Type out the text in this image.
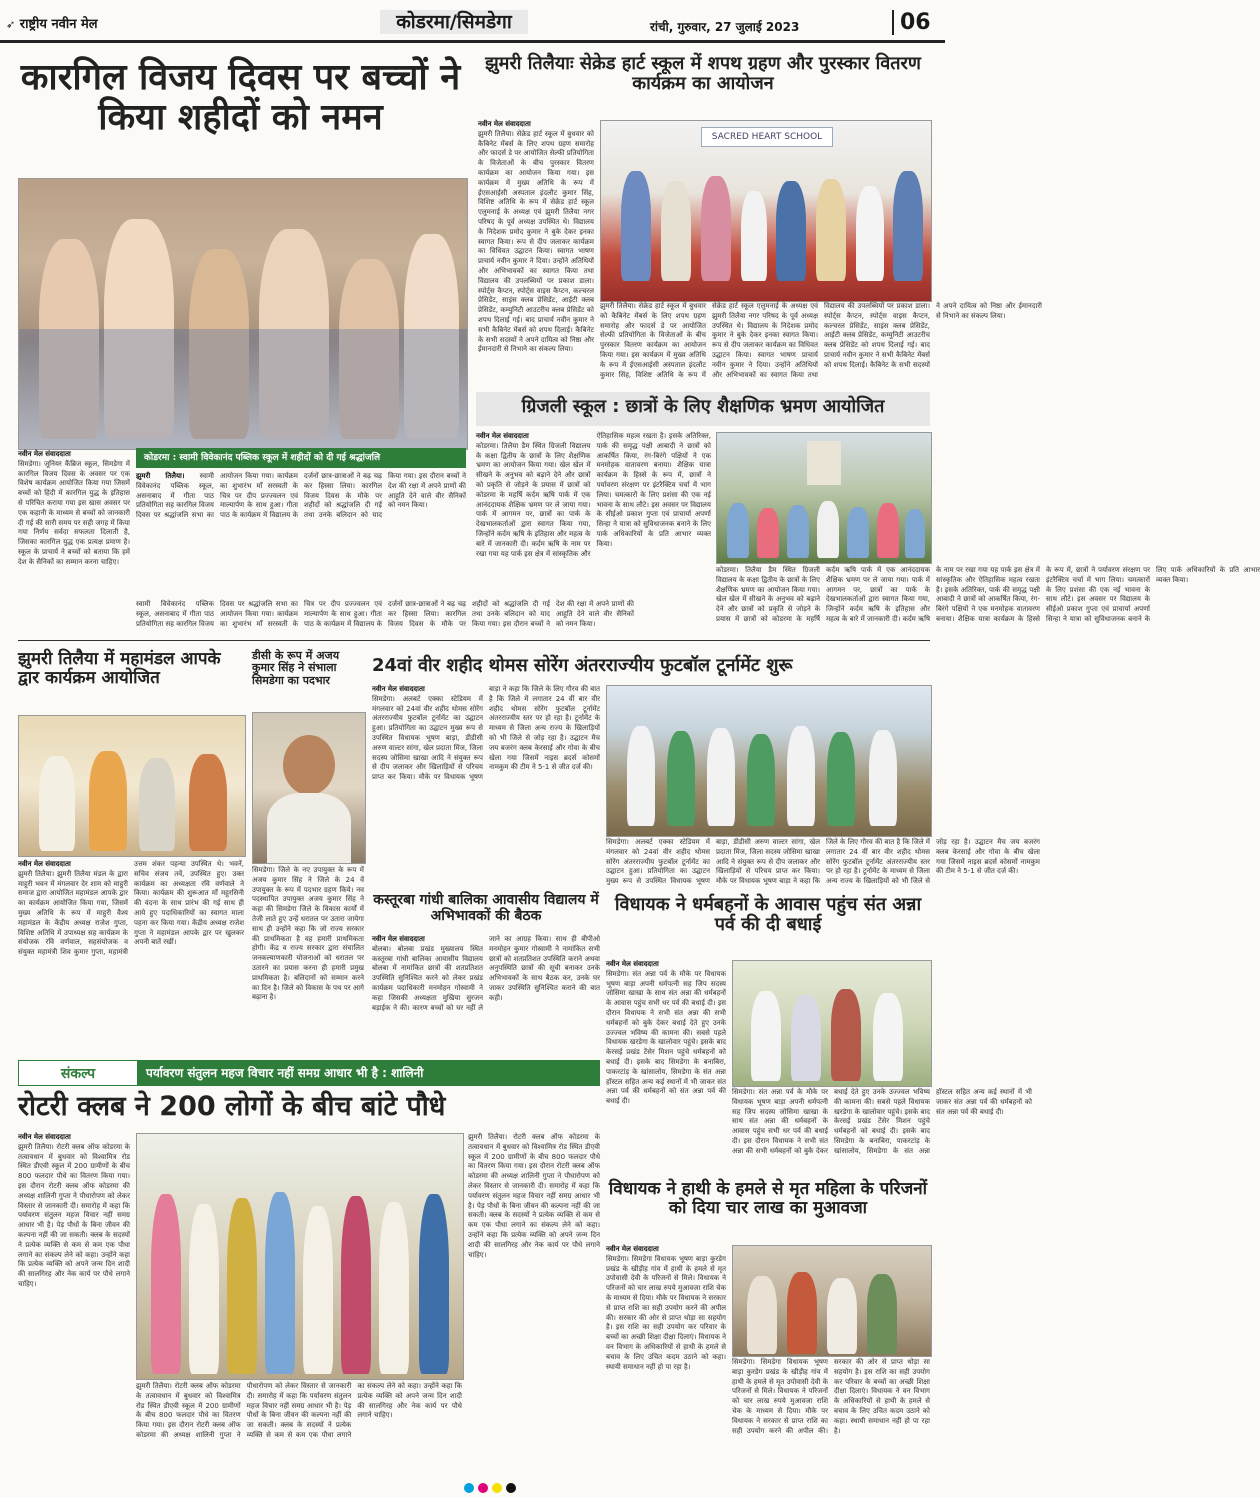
➶ राष्ट्रीय नवीन मेल	कोडरमा/सिमडेगा	रांची, गुरुवार, 27 जुलाई 2023	06
कारगिल विजय दिवस पर बच्चों ने किया शहीदों को नमन
नवीन मेल संवाददाता
सिमडेगा। जूनियर कैंब्रिज स्कूल, सिमडेगा में कारगिल विजय दिवस के अवसर पर एक विशेष कार्यक्रम आयोजित किया गया जिसमें बच्चों को हिंदी में कारगिल युद्ध के इतिहास से परिचित कराया गया इस खास अवसर पर एक कहानी के माध्यम से बच्चों को जानकारी दी गई की सारी समय पर सही जगह में किया गया निर्णय सर्वदा सफलता दिलाती है, जिसका कारगिल युद्ध एक प्रत्यक्ष प्रमाण है। स्कूल के प्राचार्य ने बच्चों को बताया कि हमें देश के सैनिकों का सम्मान करना चाहिए।
कोडरमा : स्वामी विवेकानंद पब्लिक स्कूल में शहीदों को दी गई श्रद्धांजलि
झुमरी तिलैया। स्वामी विवेकानंद पब्लिक स्कूल, असनाबाद में गीता पाठ प्रतियोगिता सह कारगिल विजय दिवस पर श्रद्धांजलि सभा का आयोजन किया गया। कार्यक्रम का शुभारंभ माँ सरस्वती के चित्र पर दीप प्रज्ज्वलन एवं माल्यार्पण के साथ हुआ। गीता पाठ के कार्यक्रम में विद्यालय के दर्जनों छात्र-छात्राओं ने बढ़ चढ़ कर हिस्सा लिया। कारगिल विजय दिवस के मौके पर शहीदों को श्रद्धांजलि दी गई तथा उनके बलिदान को याद किया गया। इस दौरान बच्चों ने देश की रक्षा में अपने प्राणों की आहुति देने वाले वीर सैनिकों को नमन किया।
झुमरी तिलैयाः सेक्रेड हार्ट स्कूल में शपथ ग्रहण और पुरस्कार वितरण कार्यक्रम का आयोजन
नवीन मेल संवाददाता
झुमरी तिलैया। सेक्रेड हार्ट स्कूल में बुधवार को कैबिनेट मेंबर्स के लिए शपथ ग्रहण समारोह और फादर्स डे पर आयोजित सेल्फी प्रतियोगिता के विजेताओं के बीच पुरस्कार वितरण कार्यक्रम का आयोजन किया गया। इस कार्यक्रम में मुख्य अतिथि के रूप में ईएसआईसी अस्पताल इंदलौट कुमार सिंह, विशिष्ट अतिथि के रूप में सेक्रेड हार्ट स्कूल एलुमनाई के अध्यक्ष एवं झुमरी तिलैया नगर परिषद के पूर्व अध्यक्ष उपस्थित थे। विद्यालय के निदेशक प्रमोद कुमार ने बुके देकर इनका स्वागत किया। रूप से दीप जलाकर कार्यक्रम का विधिवत उद्घाटन किया। स्वागत भाषण प्राचार्य नवीन कुमार ने दिया। उन्होंने अतिथियों और अभिभावकों का स्वागत किया तथा विद्यालय की उपलब्धियों पर प्रकाश डाला। स्पोर्ट्स कैप्टन, स्पोर्ट्स वाइस कैप्टन, कल्चरल प्रेसिडेंट, साइंस क्लब प्रेसिडेंट, आईटी क्लब प्रेसिडेंट, कम्युनिटी आउटरीच क्लब प्रेसिडेंट को शपथ दिलाई गई। बाद प्राचार्य नवीन कुमार ने सभी कैबिनेट मेंबर्स को शपथ दिलाई। कैबिनेट के सभी सदस्यों ने अपने दायित्व को निष्ठा और ईमानदारी से निभाने का संकल्प लिया।
SACRED HEART SCHOOL
झुमरी तिलैया। सेक्रेड हार्ट स्कूल में बुधवार को कैबिनेट मेंबर्स के लिए शपथ ग्रहण समारोह और फादर्स डे पर आयोजित सेल्फी प्रतियोगिता के विजेताओं के बीच पुरस्कार वितरण कार्यक्रम का आयोजन किया गया। इस कार्यक्रम में मुख्य अतिथि के रूप में ईएसआईसी अस्पताल इंदलौट कुमार सिंह, विशिष्ट अतिथि के रूप में सेक्रेड हार्ट स्कूल एलुमनाई के अध्यक्ष एवं झुमरी तिलैया नगर परिषद के पूर्व अध्यक्ष उपस्थित थे। विद्यालय के निदेशक प्रमोद कुमार ने बुके देकर इनका स्वागत किया। रूप से दीप जलाकर कार्यक्रम का विधिवत उद्घाटन किया। स्वागत भाषण प्राचार्य नवीन कुमार ने दिया। उन्होंने अतिथियों और अभिभावकों का स्वागत किया तथा विद्यालय की उपलब्धियों पर प्रकाश डाला। स्पोर्ट्स कैप्टन, स्पोर्ट्स वाइस कैप्टन, कल्चरल प्रेसिडेंट, साइंस क्लब प्रेसिडेंट, आईटी क्लब प्रेसिडेंट, कम्युनिटी आउटरीच क्लब प्रेसिडेंट को शपथ दिलाई गई। बाद प्राचार्य नवीन कुमार ने सभी कैबिनेट मेंबर्स को शपथ दिलाई। कैबिनेट के सभी सदस्यों ने अपने दायित्व को निष्ठा और ईमानदारी से निभाने का संकल्प लिया।
ग्रिजली स्कूल : छात्रों के लिए शैक्षणिक भ्रमण आयोजित
नवीन मेल संवाददाता
कोडरमा। तिलैया डैम स्थित ग्रिजली विद्यालय के कक्षा द्वितीय के छात्रों के लिए शैक्षणिक भ्रमण का आयोजन किया गया। खेल खेल में सीखने के अनुभव को बढ़ाने देने और छात्रों को प्रकृति से जोड़ने के प्रयास में छात्रों को कोडरमा के महर्षि कर्दम ऋषि पार्क में एक आनंददायक शैक्षिक भ्रमण पर ले जाया गया। पार्क में आगमन पर, छात्रों का पार्क के देखभालकर्ताओं द्वारा स्वागत किया गया, जिन्होंने कर्दम ऋषि के इतिहास और महत्व के बारे में जानकारी दी। कर्दम ऋषि के नाम पर रखा गया यह पार्क इस क्षेत्र में सांस्कृतिक और ऐतिहासिक महत्व रखता है। इसके अतिरिक्त, पार्क की समृद्ध पक्षी आबादी ने छात्रों को आकर्षित किया, रंग-बिरंगे पक्षियों ने एक मनमोहक वातावरण बनाया। शैक्षिक यात्रा कार्यक्रम के हिस्से के रूप में, छात्रों ने पर्यावरण संरक्षण पर इंटरैक्टिव चर्चा में भाग लिया। चमत्कारों के लिए प्रशंसा की एक नई भावना के साथ लौटे। इस अवसर पर विद्यालय के सीईओ प्रकाश गुप्ता एवं प्राचार्या अपर्णा सिन्हा ने यात्रा को सुविधाजनक बनाने के लिए पार्क अधिकारियों के प्रति आभार व्यक्त किया।
कोडरमा। तिलैया डैम स्थित ग्रिजली विद्यालय के कक्षा द्वितीय के छात्रों के लिए शैक्षणिक भ्रमण का आयोजन किया गया। खेल खेल में सीखने के अनुभव को बढ़ाने देने और छात्रों को प्रकृति से जोड़ने के प्रयास में छात्रों को कोडरमा के महर्षि कर्दम ऋषि पार्क में एक आनंददायक शैक्षिक भ्रमण पर ले जाया गया। पार्क में आगमन पर, छात्रों का पार्क के देखभालकर्ताओं द्वारा स्वागत किया गया, जिन्होंने कर्दम ऋषि के इतिहास और महत्व के बारे में जानकारी दी। कर्दम ऋषि के नाम पर रखा गया यह पार्क इस क्षेत्र में सांस्कृतिक और ऐतिहासिक महत्व रखता है। इसके अतिरिक्त, पार्क की समृद्ध पक्षी आबादी ने छात्रों को आकर्षित किया, रंग-बिरंगे पक्षियों ने एक मनमोहक वातावरण बनाया। शैक्षिक यात्रा कार्यक्रम के हिस्से के रूप में, छात्रों ने पर्यावरण संरक्षण पर इंटरैक्टिव चर्चा में भाग लिया। चमत्कारों के लिए प्रशंसा की एक नई भावना के साथ लौटे। इस अवसर पर विद्यालय के सीईओ प्रकाश गुप्ता एवं प्राचार्या अपर्णा सिन्हा ने यात्रा को सुविधाजनक बनाने के लिए पार्क अधिकारियों के प्रति आभार व्यक्त किया।
झुमरी तिलैया में महामंडल आपके द्वार कार्यक्रम आयोजित
नवीन मेल संवाददाता
झुमरी तिलैया। झुमरी तिलैया मंडल के द्वारा माहुरी भवन में मंगलवार देर शाम को माहुरी समाज द्वारा आयोजित महामंडल आपके द्वार का कार्यक्रम आयोजित किया गया, जिसमें मुख्य अतिथि के रूप में माहुरी वैश्य महामंडल के केंद्रीय अध्यक्ष राजेश गुप्ता, विशिष्ट अतिथि में उपाध्यक्ष सह कार्यक्रम के संयोजक रवि वर्णवाल, सहसंयोजक व संयुक्त महामंत्री शिव कुमार गुप्ता, महामंत्री उत्तम शंकर पहन्या उपस्थित थे। भवनें, सचिव संजय तवें, उपस्थित हुए। उक्त कार्यक्रम का अध्यक्षता रवि वर्णवाले ने किया। कार्यक्रम की शुरूआत माँ महुरसिनी की वंदना के साथ प्रारंभ की गई साथ ही आये हुए पदाधिकारियों का स्वागत माला पहना कर किया गया। केंद्रीय अध्यक्ष राजेश गुप्ता ने महामंडल आपके द्वार पर खुलकर अपनी बातें रखीं।
डीसी के रूप में अजय कुमार सिंह ने संभाला सिमडेगा का पदभार
सिमडेगा। जिले के नए उपायुक्त के रूप में अजय कुमार सिंह ने जिले के 24 वें उपायुक्त के रूप में पदभार ग्रहण किये। नव पदस्थापित उपायुक्त अजय कुमार सिंह ने कहा की सिमडेगा जिले के विकास कार्यों में तेजी लाते हुए उन्हें धरातल पर उतारा जायेगा साथ ही उन्होंने कहा कि जो राज्य सरकार की प्राथमिकता है वह हमारी प्राथमिकता होगी। केंद्र व राज्य सरकार द्वारा संचालित जनकल्याणकारी योजनाओं को धरातल पर उतारने का प्रयास करना ही हमारी प्रमुख प्राथमिकता है। बलिदानों को सम्मान करने का दिन है। जिले को विकास के पथ पर आगे बढ़ाना है।
स्वामी विवेकानंद पब्लिक स्कूल, असनाबाद में गीता पाठ प्रतियोगिता सह कारगिल विजय दिवस पर श्रद्धांजलि सभा का आयोजन किया गया। कार्यक्रम का शुभारंभ माँ सरस्वती के चित्र पर दीप प्रज्ज्वलन एवं माल्यार्पण के साथ हुआ। गीता पाठ के कार्यक्रम में विद्यालय के दर्जनों छात्र-छात्राओं ने बढ़ चढ़ कर हिस्सा लिया। कारगिल विजय दिवस के मौके पर शहीदों को श्रद्धांजलि दी गई तथा उनके बलिदान को याद किया गया। इस दौरान बच्चों ने देश की रक्षा में अपने प्राणों की आहुति देने वाले वीर सैनिकों को नमन किया।
24वां वीर शहीद थोमस सोरेंग अंतरराज्यीय फुटबॉल टूर्नामेंट शुरू
नवीन मेल संवाददाता
सिमडेगा। अलबर्ट एक्का स्टेडियम में मंगलवार को 24वां वीर शहीद थोमस सोरेंग अंतरराज्यीय फुटबॉल टूर्नामेंट का उद्घाटन हुआ। प्रतियोगिता का उद्घाटन मुख्य रूप से उपस्थित विधायक भूषण बाड़ा, डीडीसी अरुण वाल्टर सांगा, खेल प्रदाता मिंज, जिला सदस्य जोसिमा खाखा आदि ने संयुक्त रूप से दीप जलाकर और खिलाड़ियों से परिचय प्राप्त कर किया। मौके पर विधायक भूषण बाड़ा ने कहा कि जिले के लिए गौरव की बात है कि जिले में लगातार 24 वीं बार वीर शहीद थोमस सोरेंग फुटबॉल टूर्नामेंट अंतरराज्यीय स्तर पर हो रहा है। टूर्नामेंट के माध्यम से जिला अन्य राज्य के खिलाड़ियों को भी जिले से जोड़ रहा है। उद्घाटन मैच जय बजरंग क्लब केरसाई और गोवा के बीच खेला गया जिसमें नाइस ब्रदर्स कोसमों नामकुम की टीम ने 5-1 से जीत दर्ज की।
सिमडेगा। अलबर्ट एक्का स्टेडियम में मंगलवार को 24वां वीर शहीद थोमस सोरेंग अंतरराज्यीय फुटबॉल टूर्नामेंट का उद्घाटन हुआ। प्रतियोगिता का उद्घाटन मुख्य रूप से उपस्थित विधायक भूषण बाड़ा, डीडीसी अरुण वाल्टर सांगा, खेल प्रदाता मिंज, जिला सदस्य जोसिमा खाखा आदि ने संयुक्त रूप से दीप जलाकर और खिलाड़ियों से परिचय प्राप्त कर किया। मौके पर विधायक भूषण बाड़ा ने कहा कि जिले के लिए गौरव की बात है कि जिले में लगातार 24 वीं बार वीर शहीद थोमस सोरेंग फुटबॉल टूर्नामेंट अंतरराज्यीय स्तर पर हो रहा है। टूर्नामेंट के माध्यम से जिला अन्य राज्य के खिलाड़ियों को भी जिले से जोड़ रहा है। उद्घाटन मैच जय बजरंग क्लब केरसाई और गोवा के बीच खेला गया जिसमें नाइस ब्रदर्स कोसमों नामकुम की टीम ने 5-1 से जीत दर्ज की।
कस्तूरबा गांधी बालिका आवासीय विद्यालय में अभिभावकों की बैठक
नवीन मेल संवाददाता
बोलबा। बोलबा प्रखंड मुख्यालय स्थित कस्तूरबा गांधी बालिका आवासीय विद्यालय बोलबा में नामांकित छात्रों की शतप्रतिशत उपस्थिति सुनिश्चित करने को लेकर प्रखंड कार्यक्रम पदाधिकारी मनमोहन गोस्वामी ने कहा जिसकी अध्यक्षता मुखिया सुरजन बड़ाईक ने की। कारण बच्चों को घर नहीं ले जाने का आग्रह किया। साथ ही बीपीओ मनमोहन कुमार गोस्वामी ने नामांकित सभी छात्रों को शतप्रतिशत उपस्थिति कराने अथवा अनुपस्थिति छात्रों की सूची बनाकर उनके अभिभावकों के साथ बैठक कर, उनके घर जाकर उपस्थिति सुनिश्चित कराने की बात कही।
विधायक ने धर्मबहनों के आवास पहुंच संत अन्ना पर्व की दी बधाई
नवीन मेल संवाददाता
सिमडेगा। संत अन्ना पर्व के मौके पर विधायक भूषण बाड़ा अपनी धर्मपत्नी सह जिप सदस्य जोसिमा खाखा के साथ संत अन्ना की धर्मबहनों के आवास पहुंच सभी धर पर्व की बधाई दी। इस दौरान विधायक ने सभी संत अन्ना की सभी धर्मबहनों को बुके देकर बधाई देते हुए उनके उज्ज्वल भविष्य की कामना की। सबसे पहले विधायक खरडेगा के खालोवार पहुंचे। इसके बाद केरसई प्रखंड टेंसेर मिशन पहुंचे धर्मबहनों को बधाई दी। इसके बाद सिमडेगा के बनाबिरा, पाकरटांड़ के खांसालोय, सिमडेगा के संत अन्ना हॉस्टल सहित अन्य कई स्थानों में भी जाकर संत अन्ना पर्व की धर्मबहनों को संत अन्ना पर्व की बधाई दी।
सिमडेगा। संत अन्ना पर्व के मौके पर विधायक भूषण बाड़ा अपनी धर्मपत्नी सह जिप सदस्य जोसिमा खाखा के साथ संत अन्ना की धर्मबहनों के आवास पहुंच सभी धर पर्व की बधाई दी। इस दौरान विधायक ने सभी संत अन्ना की सभी धर्मबहनों को बुके देकर बधाई देते हुए उनके उज्ज्वल भविष्य की कामना की। सबसे पहले विधायक खरडेगा के खालोवार पहुंचे। इसके बाद केरसई प्रखंड टेंसेर मिशन पहुंचे धर्मबहनों को बधाई दी। इसके बाद सिमडेगा के बनाबिरा, पाकरटांड़ के खांसालोय, सिमडेगा के संत अन्ना हॉस्टल सहित अन्य कई स्थानों में भी जाकर संत अन्ना पर्व की धर्मबहनों को संत अन्ना पर्व की बधाई दी।
संकल्प	पर्यावरण संतुलन महज विचार नहीं समग्र आधार भी है : शालिनी
रोटरी क्लब ने 200 लोगों के बीच बांटे पौधे
नवीन मेल संवाददाता
झुमरी तिलैया। रोटरी क्लब ऑफ कोडरमा के तत्वावधान में बुधवार को विश्वामित्र रोड स्थित डीएवी स्कूल में 200 ग्रामीणों के बीच 800 फलदार पौधे का वितरण किया गया। इस दौरान रोटरी क्लब ऑफ कोडरमा की अध्यक्ष शालिनी गुप्ता ने पौधारोपण को लेकर विस्तार से जानकारी दी। समारोह में कहा कि पर्यावरण संतुलन महज विचार नहीं समग्र आधार भी है। पेड़ पौधों के बिना जीवन की कल्पना नहीं की जा सकती। क्लब के सदस्यों ने प्रत्येक व्यक्ति से कम से कम एक पौधा लगाने का संकल्प लेने को कहा। उन्होंने कहा कि प्रत्येक व्यक्ति को अपने जन्म दिन शादी की सालगिरह और नेक कार्य पर पौधे लगाने चाहिए।
झुमरी तिलैया। रोटरी क्लब ऑफ कोडरमा के तत्वावधान में बुधवार को विश्वामित्र रोड स्थित डीएवी स्कूल में 200 ग्रामीणों के बीच 800 फलदार पौधे का वितरण किया गया। इस दौरान रोटरी क्लब ऑफ कोडरमा की अध्यक्ष शालिनी गुप्ता ने पौधारोपण को लेकर विस्तार से जानकारी दी। समारोह में कहा कि पर्यावरण संतुलन महज विचार नहीं समग्र आधार भी है। पेड़ पौधों के बिना जीवन की कल्पना नहीं की जा सकती। क्लब के सदस्यों ने प्रत्येक व्यक्ति से कम से कम एक पौधा लगाने का संकल्प लेने को कहा। उन्होंने कहा कि प्रत्येक व्यक्ति को अपने जन्म दिन शादी की सालगिरह और नेक कार्य पर पौधे लगाने चाहिए।
झुमरी तिलैया। रोटरी क्लब ऑफ कोडरमा के तत्वावधान में बुधवार को विश्वामित्र रोड स्थित डीएवी स्कूल में 200 ग्रामीणों के बीच 800 फलदार पौधे का वितरण किया गया। इस दौरान रोटरी क्लब ऑफ कोडरमा की अध्यक्ष शालिनी गुप्ता ने पौधारोपण को लेकर विस्तार से जानकारी दी। समारोह में कहा कि पर्यावरण संतुलन महज विचार नहीं समग्र आधार भी है। पेड़ पौधों के बिना जीवन की कल्पना नहीं की जा सकती। क्लब के सदस्यों ने प्रत्येक व्यक्ति से कम से कम एक पौधा लगाने का संकल्प लेने को कहा। उन्होंने कहा कि प्रत्येक व्यक्ति को अपने जन्म दिन शादी की सालगिरह और नेक कार्य पर पौधे लगाने चाहिए।
विधायक ने हाथी के हमले से मृत महिला के परिजनों को दिया चार लाख का मुआवजा
नवीन मेल संवाददाता
सिमडेगा। सिमडेगा विधायक भूषण बाड़ा कुरडेग प्रखंड के खीड़ीह गांव में हाथी के हमले से मृत उपोवासी देवी के परिजनों से मिले। विधायक ने परिजनों को चार लाख रुपये मुआवजा राशि चेक के माध्यम से दिया। मौके पर विधायक ने सरकार से प्राप्त राशि का सही उपयोग करने की अपील की। सरकार की ओर से प्राप्त थोड़ा सा सहयोग है। इस राशि का सही उपयोग कर परिवार के बच्चों का अच्छी शिक्षा दीक्षा दिलाएं। विधायक ने वन विभाग के अधिकारियों से हाथी के हमले से बचाव के लिए उचित कदम उठाने को कहा। स्थायी समाधान नहीं हो पा रहा है।
सिमडेगा। सिमडेगा विधायक भूषण बाड़ा कुरडेग प्रखंड के खीड़ीह गांव में हाथी के हमले से मृत उपोवासी देवी के परिजनों से मिले। विधायक ने परिजनों को चार लाख रुपये मुआवजा राशि चेक के माध्यम से दिया। मौके पर विधायक ने सरकार से प्राप्त राशि का सही उपयोग करने की अपील की। सरकार की ओर से प्राप्त थोड़ा सा सहयोग है। इस राशि का सही उपयोग कर परिवार के बच्चों का अच्छी शिक्षा दीक्षा दिलाएं। विधायक ने वन विभाग के अधिकारियों से हाथी के हमले से बचाव के लिए उचित कदम उठाने को कहा। स्थायी समाधान नहीं हो पा रहा है।
